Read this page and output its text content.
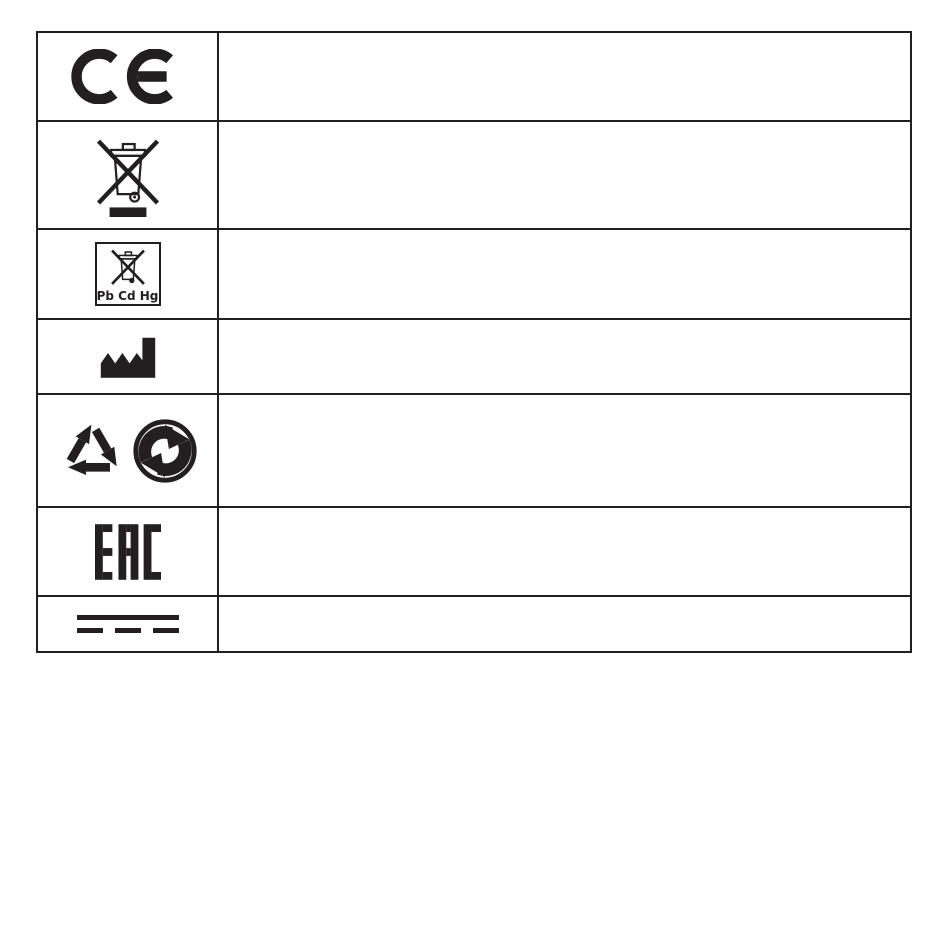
Pb Cd Hg
